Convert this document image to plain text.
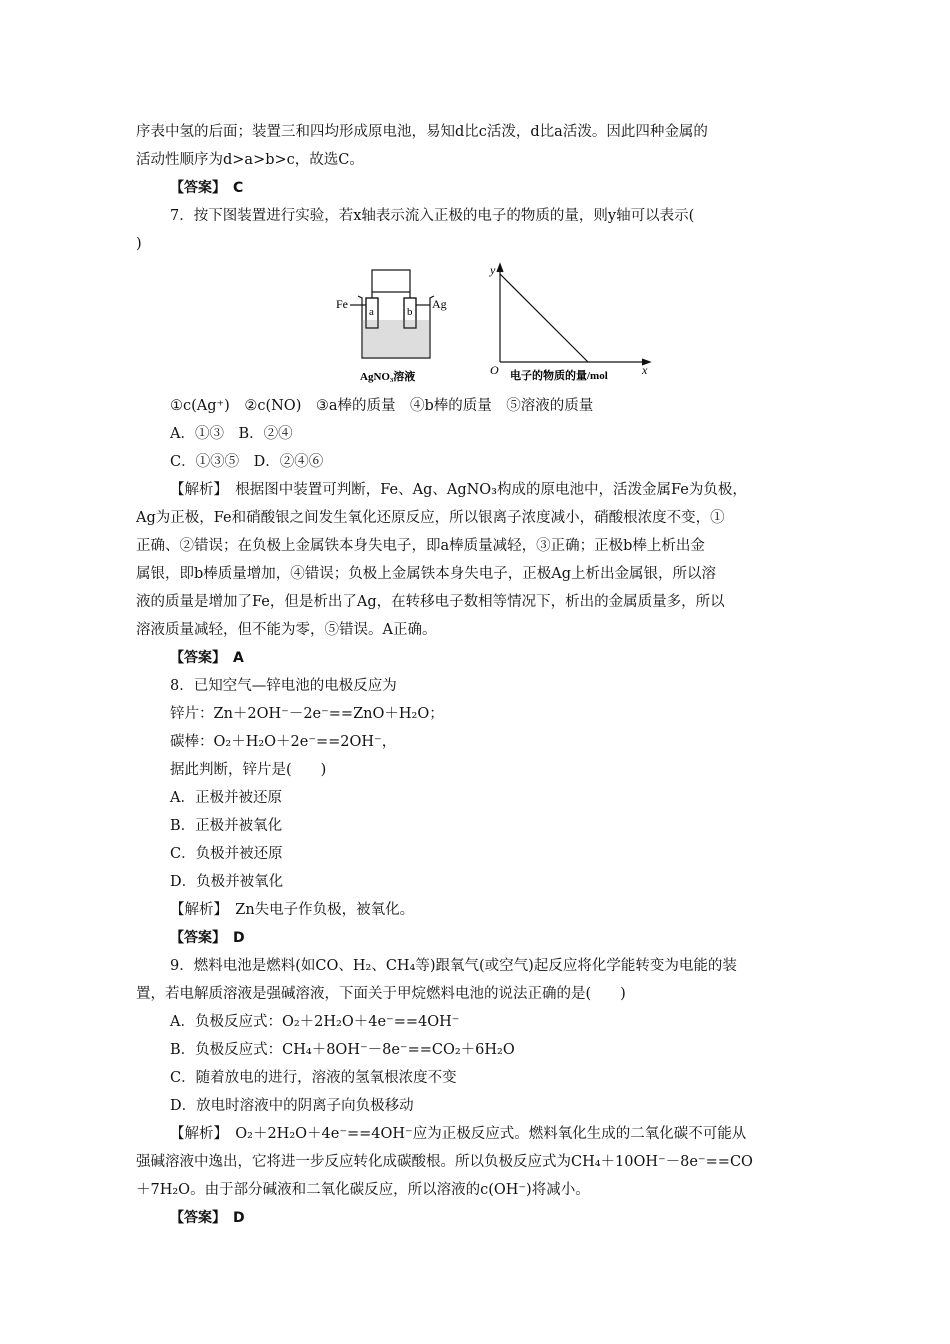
序表中氢的后面；装置三和四均形成原电池，易知d比c活泼，d比a活泼。因此四种金属的
活动性顺序为d>a>b>c，故选C。
【答案】　C
7．按下图装置进行实验，若x轴表示流入正极的电子的物质的量，则y轴可以表示(
)
Fe	Ag
a	b
AgNO₃溶液
y
O	x
电子的物质的量/mol
①c(Ag⁺)　②c(NO)　③a棒的质量　④b棒的质量　⑤溶液的质量
A．①③　B．②④
C．①③⑤　D．②④⑥
【解析】　根据图中装置可判断，Fe、Ag、AgNO₃构成的原电池中，活泼金属Fe为负极，
Ag为正极，Fe和硝酸银之间发生氧化还原反应，所以银离子浓度减小，硝酸根浓度不变，①
正确、②错误；在负极上金属铁本身失电子，即a棒质量减轻，③正确；正极b棒上析出金
属银，即b棒质量增加，④错误；负极上金属铁本身失电子，正极Ag上析出金属银，所以溶
液的质量是增加了Fe，但是析出了Ag，在转移电子数相等情况下，析出的金属质量多，所以
溶液质量减轻，但不能为零，⑤错误。A正确。
【答案】　A
8．已知空气—锌电池的电极反应为
锌片：Zn＋2OH⁻－2e⁻==ZnO＋H₂O；
碳棒：O₂＋H₂O＋2e⁻==2OH⁻，
据此判断，锌片是(　　)
A．正极并被还原
B．正极并被氧化
C．负极并被还原
D．负极并被氧化
【解析】　Zn失电子作负极，被氧化。
【答案】　D
9．燃料电池是燃料(如CO、H₂、CH₄等)跟氧气(或空气)起反应将化学能转变为电能的装
置，若电解质溶液是强碱溶液，下面关于甲烷燃料电池的说法正确的是(　　)
A．负极反应式：O₂＋2H₂O＋4e⁻==4OH⁻
B．负极反应式：CH₄＋8OH⁻－8e⁻==CO₂＋6H₂O
C．随着放电的进行，溶液的氢氧根浓度不变
D．放电时溶液中的阴离子向负极移动
【解析】　O₂＋2H₂O＋4e⁻==4OH⁻应为正极反应式。燃料氧化生成的二氧化碳不可能从
强碱溶液中逸出，它将进一步反应转化成碳酸根。所以负极反应式为CH₄＋10OH⁻－8e⁻==CO
＋7H₂O。由于部分碱液和二氧化碳反应，所以溶液的c(OH⁻)将减小。
【答案】　D
